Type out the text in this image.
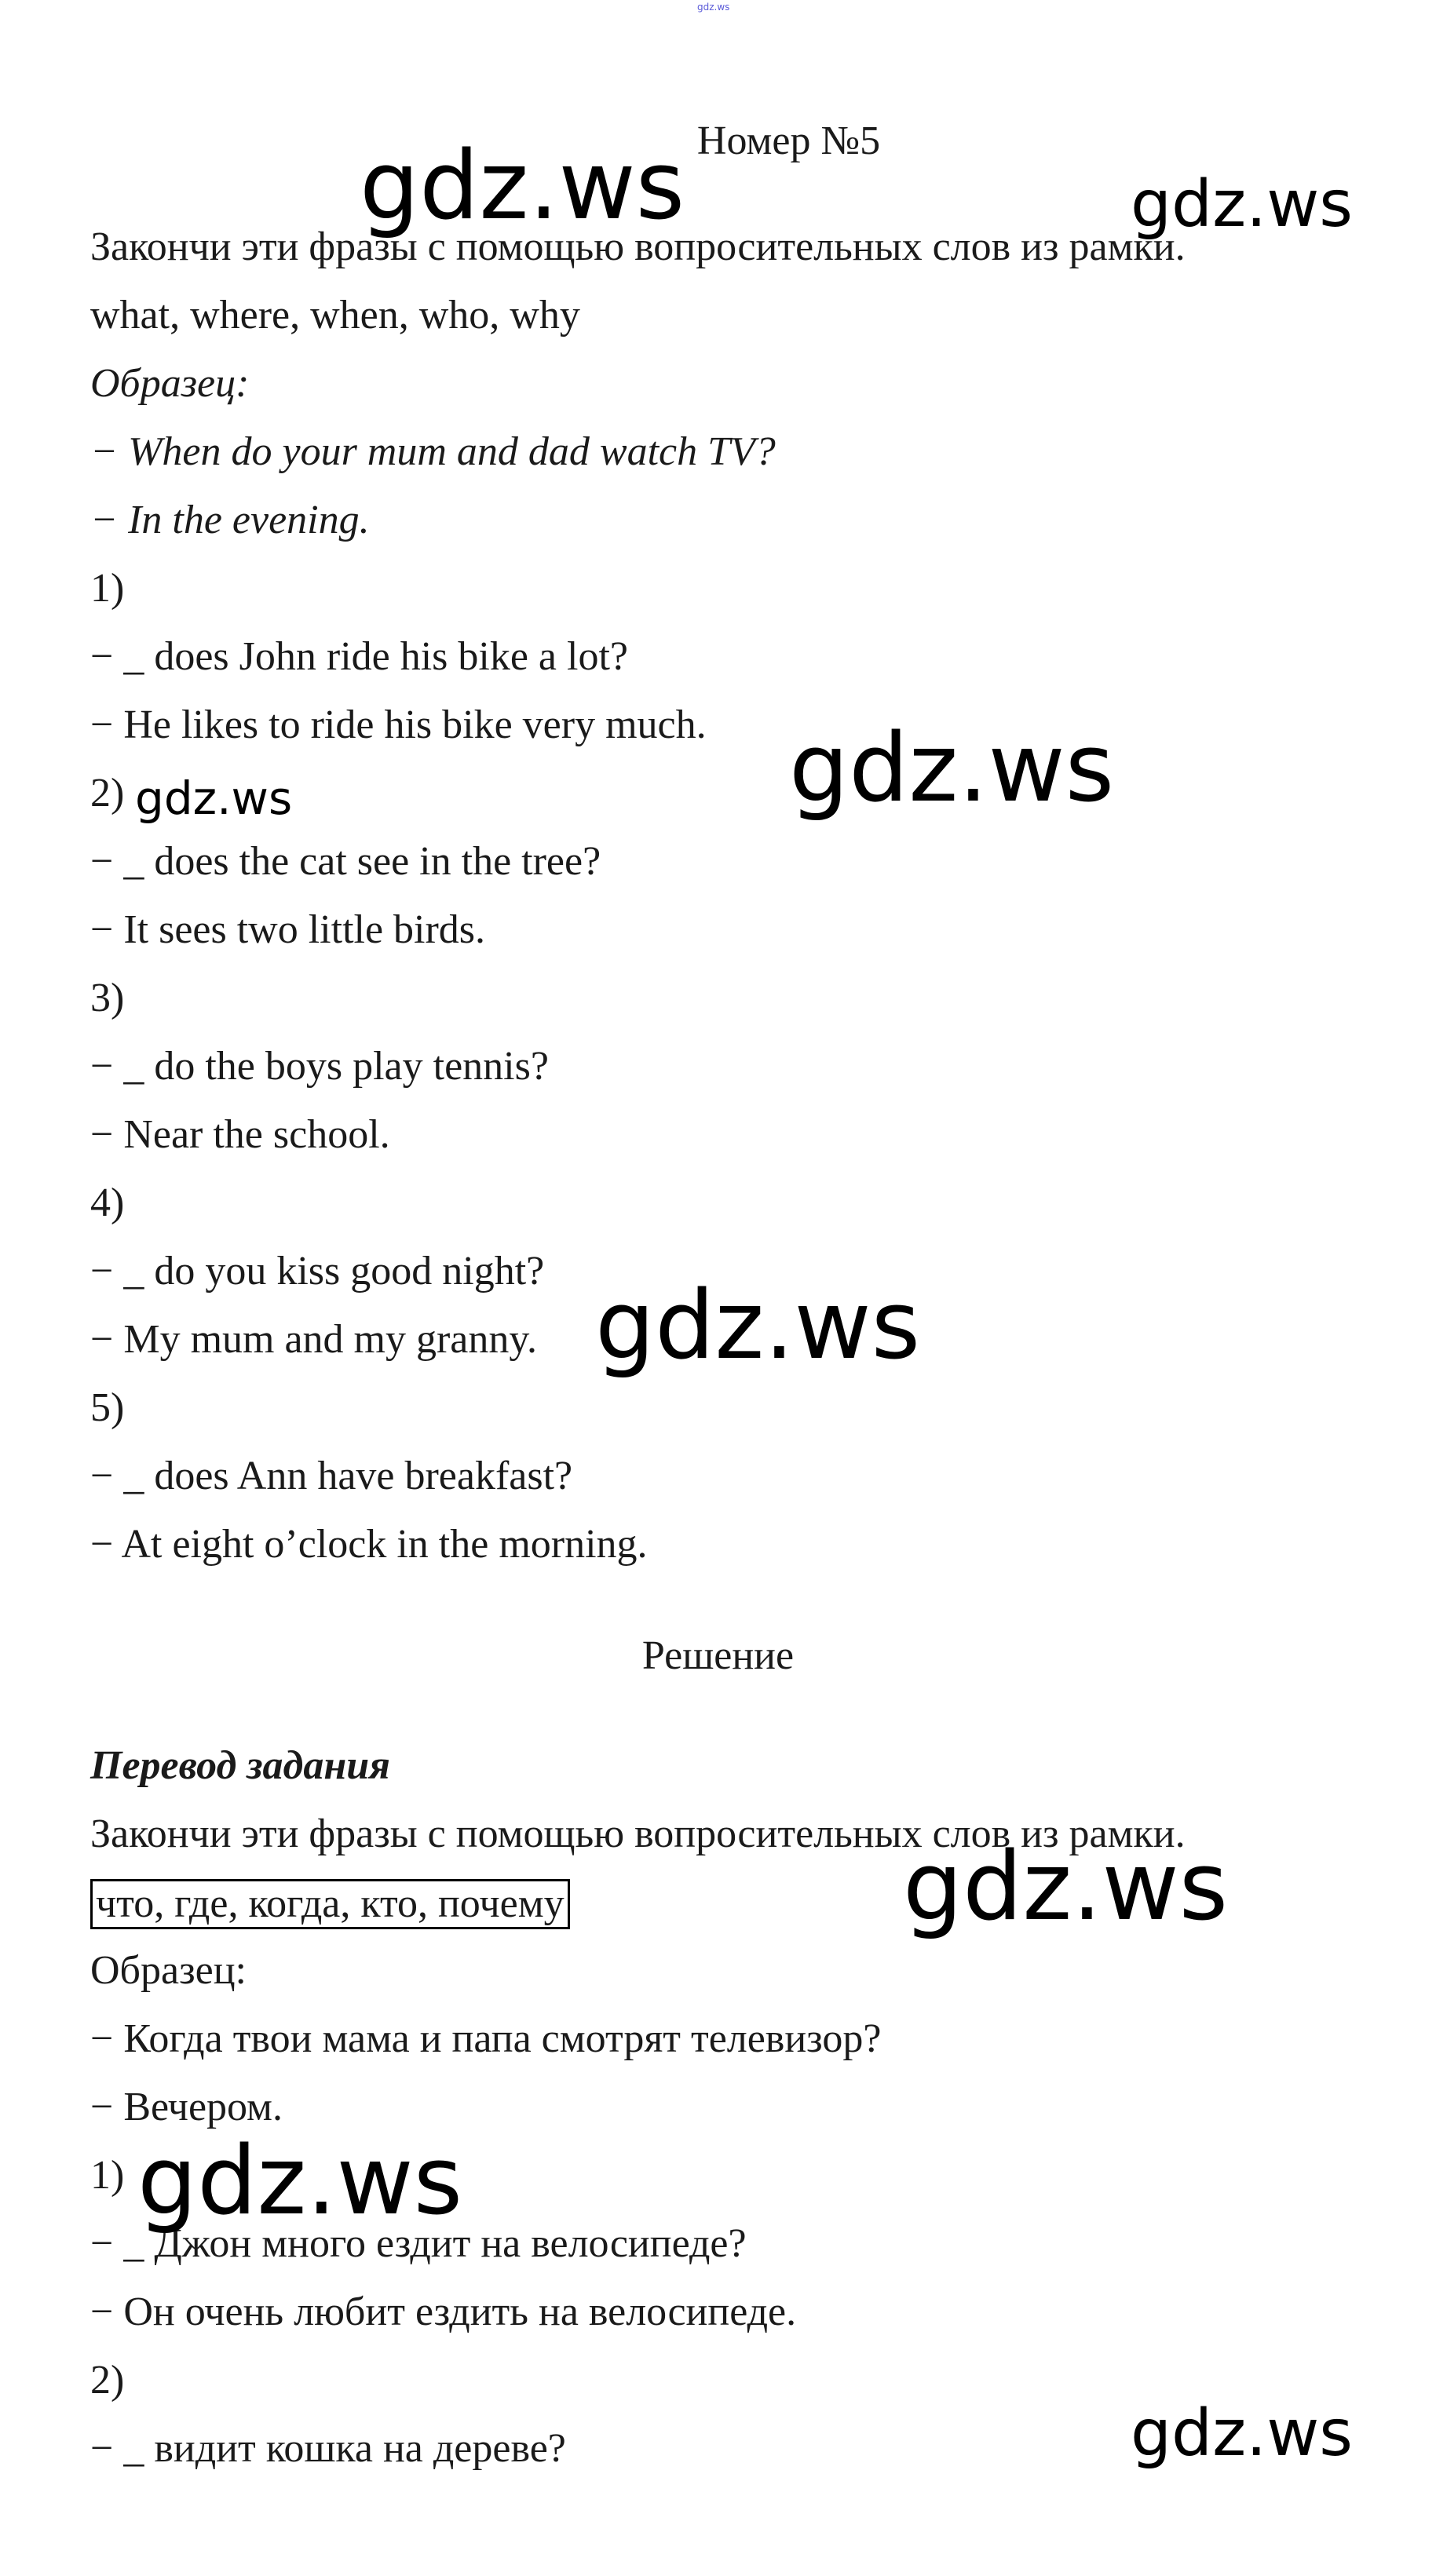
gdz.ws
Номер №5
Закончи эти фразы с помощью вопросительных слов из рамки.
what, where, when, who, why
Образец:
− When do your mum and dad watch TV?
− In the evening.
1)
− _ does John ride his bike a lot?
− He likes to ride his bike very much.
2)
− _ does the cat see in the tree?
− It sees two little birds.
3)
− _ do the boys play tennis?
− Near the school.
4)
− _ do you kiss good night?
− My mum and my granny.
5)
− _ does Ann have breakfast?
− At eight o’clock in the morning.
Решение
Перевод задания
Закончи эти фразы с помощью вопросительных слов из рамки.
что, где, когда, кто, почему
Образец:
− Когда твои мама и папа смотрят телевизор?
− Вечером.
1)
− _ Джон много ездит на велосипеде?
− Он очень любит ездить на велосипеде.
2)
− _ видит кошка на дереве?
gdz.ws	gdz.ws
gdz.ws
gdz.ws
gdz.ws
gdz.ws
gdz.ws
gdz.ws
